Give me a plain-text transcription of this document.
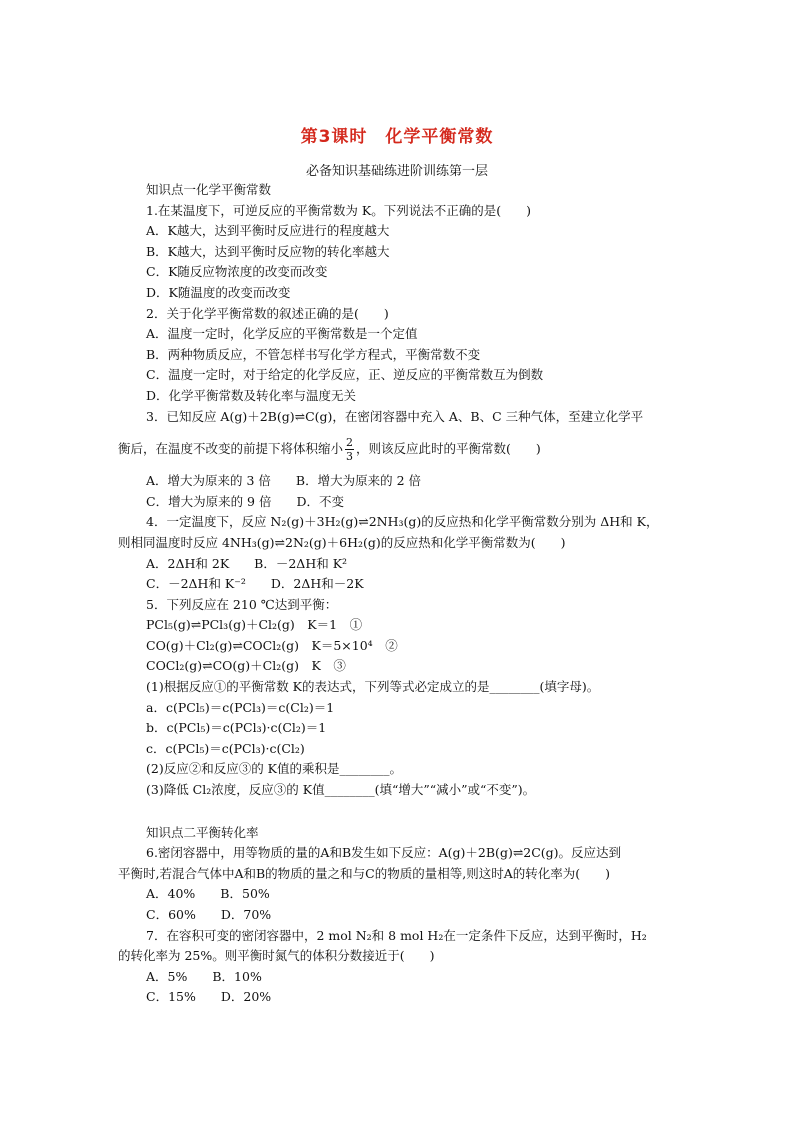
第3课时　化学平衡常数
必备知识基础练进阶训练第一层
知识点一化学平衡常数
1.在某温度下，可逆反应的平衡常数为 K。下列说法不正确的是(　　)
A．K越大，达到平衡时反应进行的程度越大
B．K越大，达到平衡时反应物的转化率越大
C．K随反应物浓度的改变而改变
D．K随温度的改变而改变
2．关于化学平衡常数的叙述正确的是(　　)
A．温度一定时，化学反应的平衡常数是一个定值
B．两种物质反应，不管怎样书写化学方程式，平衡常数不变
C．温度一定时，对于给定的化学反应，正、逆反应的平衡常数互为倒数
D．化学平衡常数及转化率与温度无关
3．已知反应 A(g)＋2B(g)⇌C(g)，在密闭容器中充入 A、B、C 三种气体，至建立化学平
衡后，在温度不改变的前提下将体积缩小 $\frac{2}{3}$ ，则该反应此时的平衡常数(　　)
A．增大为原来的 3 倍　　B．增大为原来的 2 倍
C．增大为原来的 9 倍　　D．不变
4．一定温度下，反应 N₂(g)＋3H₂(g)⇌2NH₃(g)的反应热和化学平衡常数分别为 ΔH和 K，
则相同温度时反应 4NH₃(g)⇌2N₂(g)＋6H₂(g)的反应热和化学平衡常数为(　　)
A．2ΔH和 2K　　B．－2ΔH和 K²
C．－2ΔH和 K⁻²　　D．2ΔH和－2K
5．下列反应在 210 ℃达到平衡：
PCl₅(g)⇌PCl₃(g)＋Cl₂(g)　K＝1　①
CO(g)＋Cl₂(g)⇌COCl₂(g)　K＝5×10⁴　②
COCl₂(g)⇌CO(g)＋Cl₂(g)　K　③
(1)根据反应①的平衡常数 K的表达式，下列等式必定成立的是________(填字母)。
a．c(PCl₅)＝c(PCl₃)＝c(Cl₂)＝1
b．c(PCl₅)＝c(PCl₃)·c(Cl₂)＝1
c．c(PCl₅)＝c(PCl₃)·c(Cl₂)
(2)反应②和反应③的 K值的乘积是________。
(3)降低 Cl₂浓度，反应③的 K值________(填“增大”“减小”或“不变”)。
知识点二平衡转化率
6.密闭容器中，用等物质的量的A和B发生如下反应：A(g)＋2B(g)⇌2C(g)。反应达到
平衡时,若混合气体中A和B的物质的量之和与C的物质的量相等,则这时A的转化率为(　　)
A．40%　　B．50%
C．60%　　D．70%
7．在容积可变的密闭容器中，2 mol N₂和 8 mol H₂在一定条件下反应，达到平衡时，H₂
的转化率为 25%。则平衡时氮气的体积分数接近于(　　)
A．5%　　B．10%
C．15%　　D．20%
